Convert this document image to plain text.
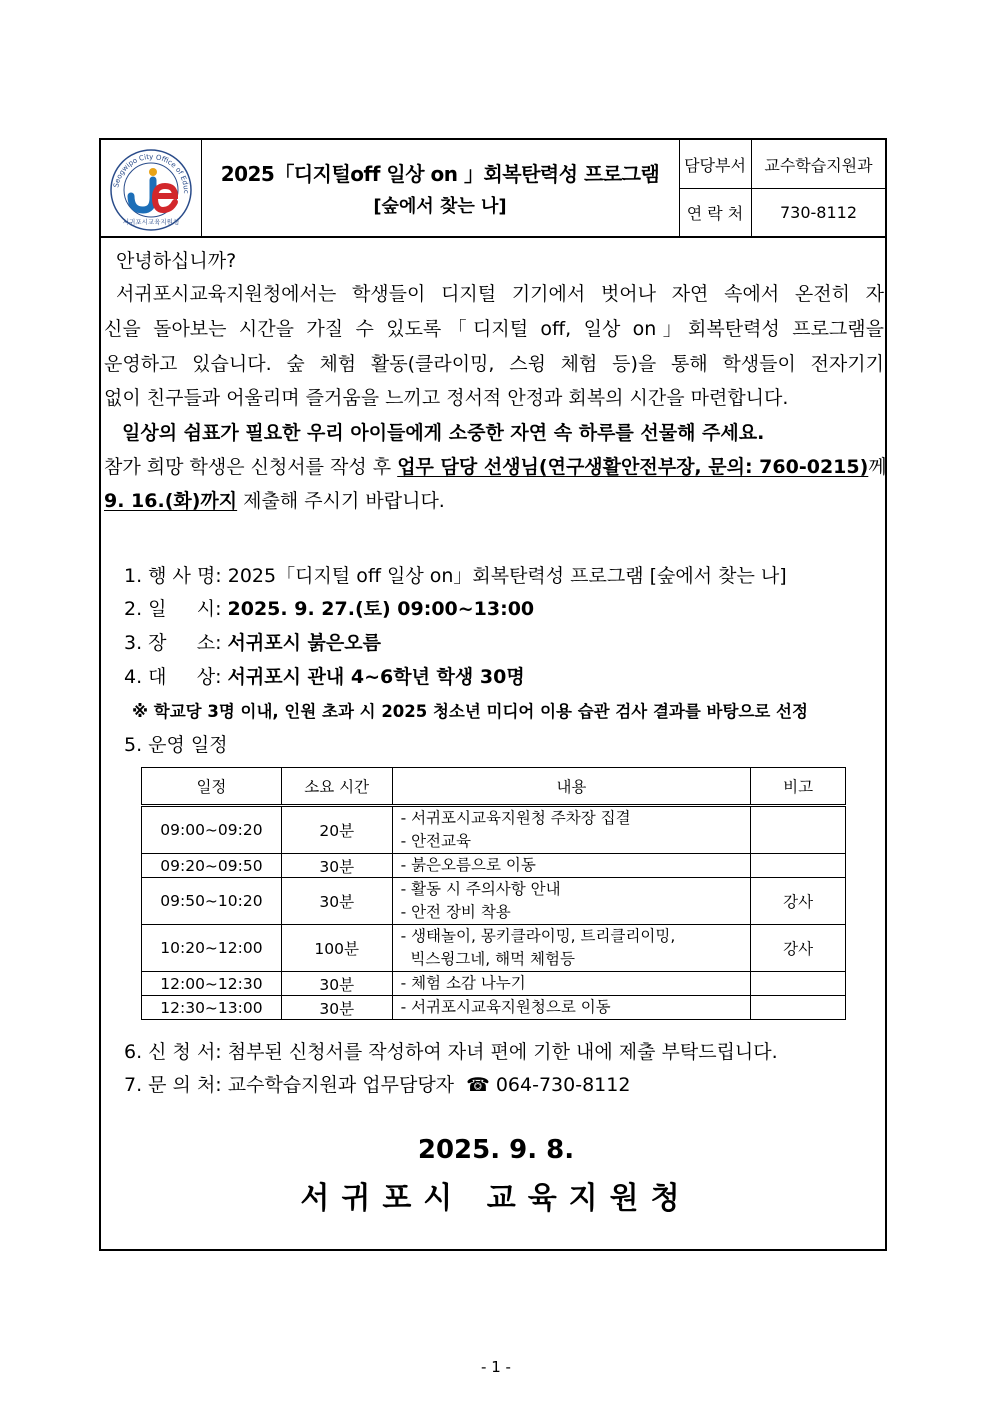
Seogwipo City Office of Educ
서귀포시교육지원청
2025「디지털off 일상 on 」회복탄력성 프로그램
[숲에서 찾는 나]
담당부서	교수학습지원과
연 락 처	730-8112
안녕하십니까?
서귀포시교육지원청에서는 학생들이 디지털 기기에서 벗어나 자연 속에서 온전히 자
신을 돌아보는 시간을 가질 수 있도록「디지털 off, 일상 on」회복탄력성 프로그램을
운영하고 있습니다. 숲 체험 활동(클라이밍, 스윙 체험 등)을 통해 학생들이 전자기기
없이 친구들과 어울리며 즐거움을 느끼고 정서적 안정과 회복의 시간을 마련합니다.
일상의 쉼표가 필요한 우리 아이들에게 소중한 자연 속 하루를 선물해 주세요.
참가 희망 학생은 신청서를 작성 후 업무 담당 선생님(연구생활안전부장, 문의: 760-0215)께
9. 16.(화)까지 제출해 주시기 바랍니다.
1. 행 사 명: 2025「디지털 off 일상 on」회복탄력성 프로그램 [숲에서 찾는 나]
2. 일     시: 2025. 9. 27.(토) 09:00~13:00
3. 장     소: 서귀포시 붉은오름
4. 대     상: 서귀포시 관내 4~6학년 학생 30명
※ 학교당 3명 이내, 인원 초과 시 2025 청소년 미디어 이용 습관 검사 결과를 바탕으로 선정
5. 운영 일정
일정	소요 시간	내용	비고
09:00~09:20	20분	- 서귀포시교육지원청 주차장 집결
- 안전교육	

09:20~09:50	30분	- 붉은오름으로 이동	
09:50~10:20	30분	- 활동 시 주의사항 안내
- 안전 장비 착용	강사
10:20~12:00	100분	- 생태놀이, 몽키클라이밍, 트리클리이밍,
빅스윙그네, 해먹 체험등	강사
12:00~12:30	30분	- 체험 소감 나누기	
12:30~13:00	30분	- 서귀포시교육지원청으로 이동	
6. 신 청 서: 첨부된 신청서를 작성하여 자녀 편에 기한 내에 제출 부탁드립니다.
7. 문 의 처: 교수학습지원과 업무담당자  ☎ 064-730-8112
2025. 9. 8.
서귀포시 교육지원청
- 1 -
